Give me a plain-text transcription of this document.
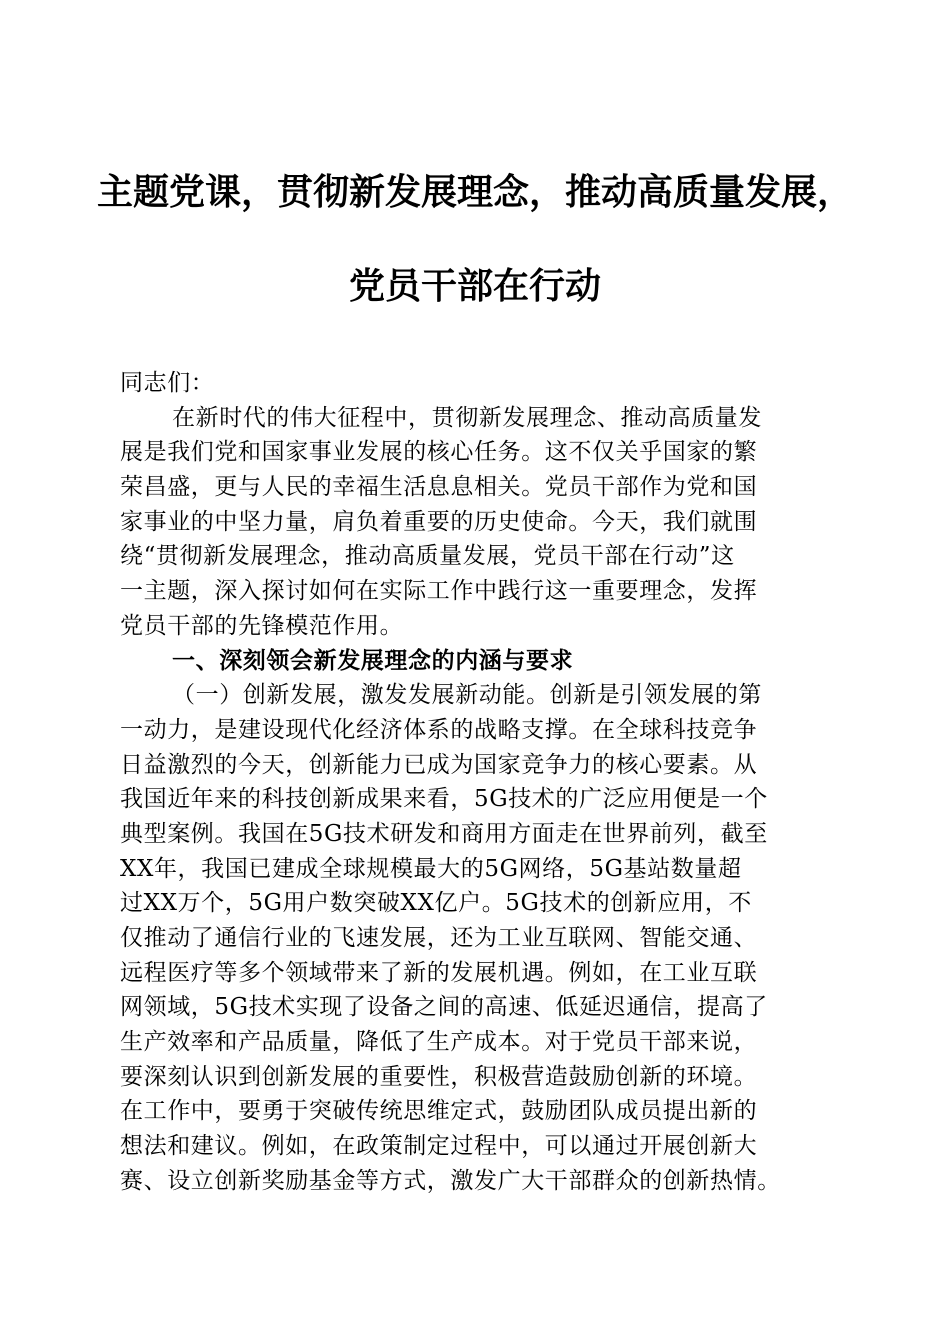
主题党课，贯彻新发展理念，推动高质量发展，
党员干部在行动
同志们：
在新时代的伟大征程中，贯彻新发展理念、推动高质量发
展是我们党和国家事业发展的核心任务。这不仅关乎国家的繁
荣昌盛，更与人民的幸福生活息息相关。党员干部作为党和国
家事业的中坚力量，肩负着重要的历史使命。今天，我们就围
绕“贯彻新发展理念，推动高质量发展，党员干部在行动”这
一主题，深入探讨如何在实际工作中践行这一重要理念，发挥
党员干部的先锋模范作用。
一、深刻领会新发展理念的内涵与要求
（一）创新发展，激发发展新动能。创新是引领发展的第
一动力，是建设现代化经济体系的战略支撑。在全球科技竞争
日益激烈的今天，创新能力已成为国家竞争力的核心要素。从
我国近年来的科技创新成果来看，5G技术的广泛应用便是一个
典型案例。我国在5G技术研发和商用方面走在世界前列，截至
XX年，我国已建成全球规模最大的5G网络，5G基站数量超
过XX万个，5G用户数突破XX亿户。5G技术的创新应用，不
仅推动了通信行业的飞速发展，还为工业互联网、智能交通、
远程医疗等多个领域带来了新的发展机遇。例如，在工业互联
网领域，5G技术实现了设备之间的高速、低延迟通信，提高了
生产效率和产品质量，降低了生产成本。对于党员干部来说，
要深刻认识到创新发展的重要性，积极营造鼓励创新的环境。
在工作中，要勇于突破传统思维定式，鼓励团队成员提出新的
想法和建议。例如，在政策制定过程中，可以通过开展创新大
赛、设立创新奖励基金等方式，激发广大干部群众的创新热情。
